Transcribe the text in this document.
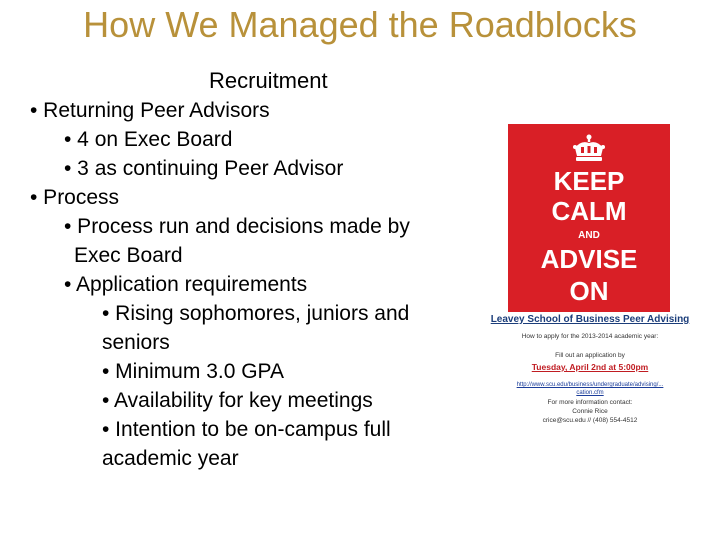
How We Managed the Roadblocks
Recruitment
• Returning Peer Advisors
• 4 on Exec Board
• 3 as continuing Peer Advisor
• Process
• Process run and decisions made by
Exec Board
• Application requirements
• Rising sophomores, juniors and
seniors
• Minimum 3.0 GPA
• Availability for key meetings
• Intention to be on-campus full
academic year
KEEP
CALM
AND
ADVISE
ON
Leavey School of Business Peer Advising
How to apply for the 2013-2014 academic year:
Fill out an application by
Tuesday, April 2nd at 5:00pm
http://www.scu.edu/business/undergraduate/advising/...
cation.cfm
For more information contact:
Connie Rice
crice@scu.edu // (408) 554-4512
